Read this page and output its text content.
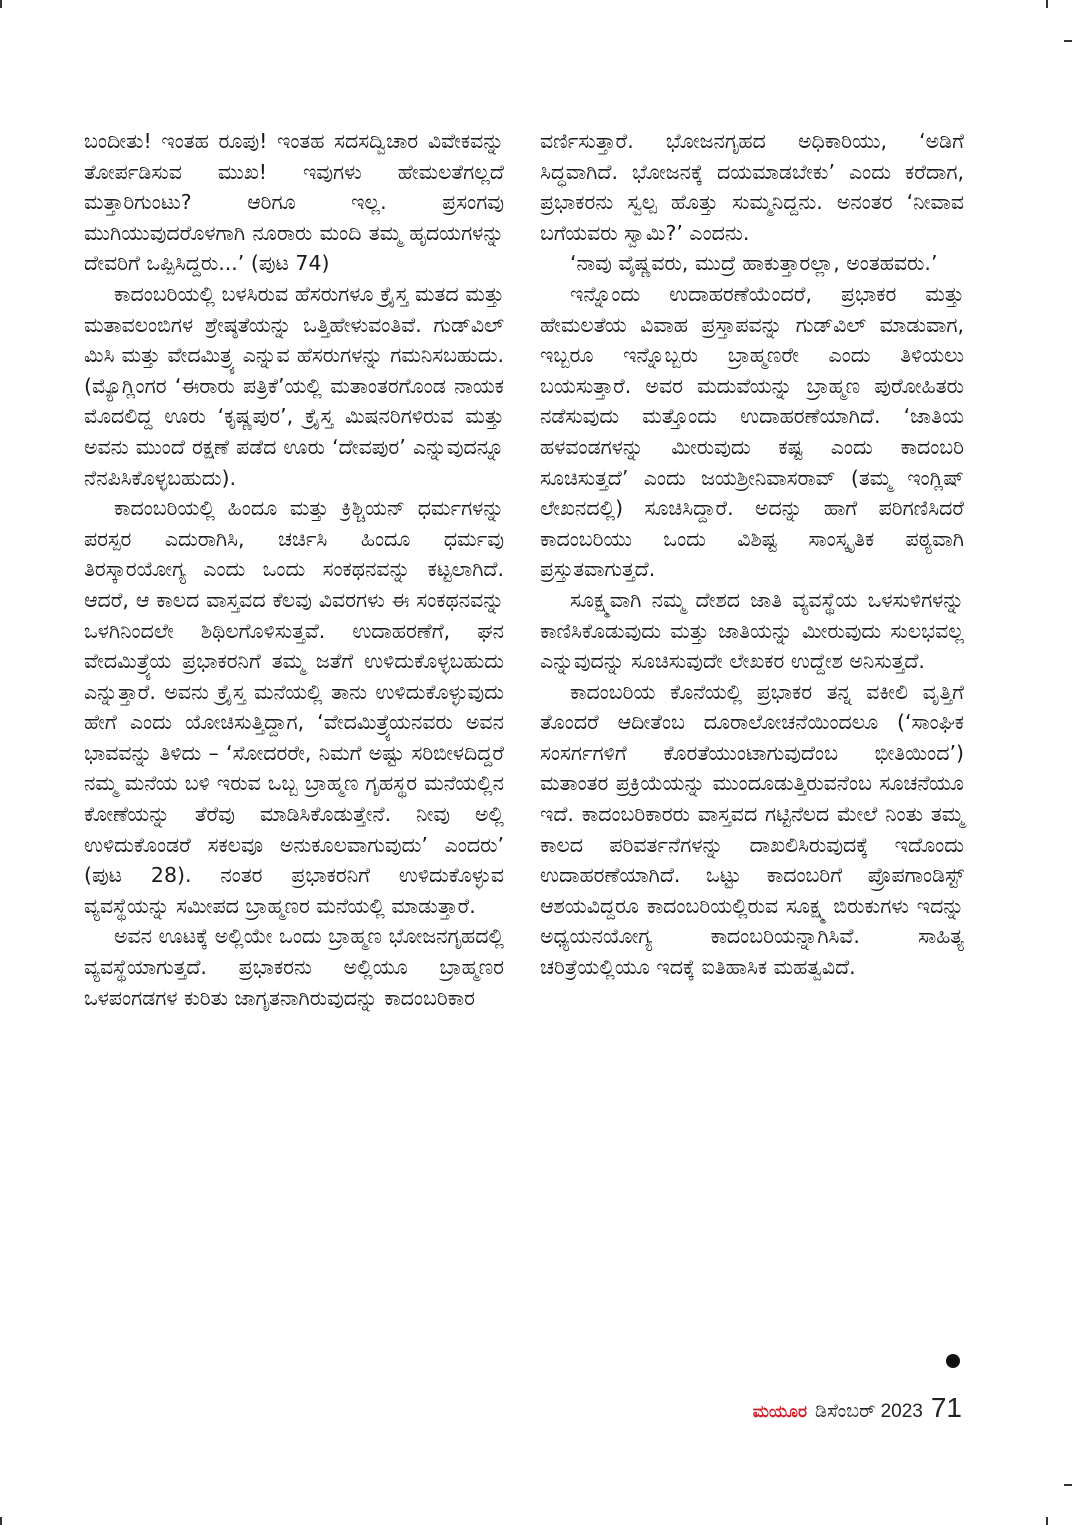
ಬಂದೀತು! ಇಂತಹ ರೂಪು! ಇಂತಹ ಸದಸದ್ವಿಚಾರ ವಿವೇಕವನ್ನು ತೋರ್ಪಡಿಸುವ ಮುಖ! ಇವುಗಳು ಹೇಮಲತೆಗಲ್ಲದೆ ಮತ್ತಾರಿಗುಂಟು? ಆರಿಗೂ ಇಲ್ಲ. ಪ್ರಸಂಗವು ಮುಗಿಯುವುದರೊಳಗಾಗಿ ನೂರಾರು ಮಂದಿ ತಮ್ಮ ಹೃದಯಗಳನ್ನು ದೇವರಿಗೆ ಒಪ್ಪಿಸಿದ್ದರು...’ (ಪುಟ 74)

ಕಾದಂಬರಿಯಲ್ಲಿ ಬಳಸಿರುವ ಹೆಸರುಗಳೂ ಕ್ರೈಸ್ತ ಮತದ ಮತ್ತು ಮತಾವಲಂಬಿಗಳ ಶ್ರೇಷ್ಠತೆಯನ್ನು ಒತ್ತಿಹೇಳುವಂತಿವೆ. ಗುಡ್‌ವಿಲ್ ಮಿಸಿ ಮತ್ತು ವೇದಮಿತ್ರ್ಯ ಎನ್ನುವ ಹೆಸರುಗಳನ್ನು ಗಮನಿಸಬಹುದು. (ಮ್ಯೊಗ್ಲಿಂಗರ ‘ಈರಾರು ಪತ್ರಿಕೆ’ಯಲ್ಲಿ ಮತಾಂತರಗೊಂಡ ನಾಯಕ ಮೊದಲಿದ್ದ ಊರು ‘ಕೃಷ್ಣಪುರ’, ಕ್ರೈಸ್ತ ಮಿಷನರಿಗಳಿರುವ ಮತ್ತು ಅವನು ಮುಂದೆ ರಕ್ಷಣೆ ಪಡೆದ ಊರು ‘ದೇವಪುರ’ ಎನ್ನುವುದನ್ನೂ ನೆನಪಿಸಿಕೊಳ್ಳಬಹುದು).

ಕಾದಂಬರಿಯಲ್ಲಿ ಹಿಂದೂ ಮತ್ತು ಕ್ರಿಶ್ಚಿಯನ್ ಧರ್ಮಗಳನ್ನು ಪರಸ್ಪರ ಎದುರಾಗಿಸಿ, ಚರ್ಚಿಸಿ ಹಿಂದೂ ಧರ್ಮವು ತಿರಸ್ಕಾರಯೋಗ್ಯ ಎಂದು ಒಂದು ಸಂಕಥನವನ್ನು ಕಟ್ಟಲಾಗಿದೆ. ಆದರೆ, ಆ ಕಾಲದ ವಾಸ್ತವದ ಕೆಲವು ವಿವರಗಳು ಈ ಸಂಕಥನವನ್ನು ಒಳಗಿನಿಂದಲೇ ಶಿಥಿಲಗೊಳಿಸುತ್ತವೆ. ಉದಾಹರಣೆಗೆ, ಘನ ವೇದಮಿತ್ರ್ಯೆಯ ಪ್ರಭಾಕರನಿಗೆ ತಮ್ಮ ಜತೆಗೆ ಉಳಿದುಕೊಳ್ಳಬಹುದು ಎನ್ನುತ್ತಾರೆ. ಅವನು ಕ್ರೈಸ್ತ ಮನೆಯಲ್ಲಿ ತಾನು ಉಳಿದುಕೊಳ್ಳುವುದು ಹೇಗೆ ಎಂದು ಯೋಚಿಸುತ್ತಿದ್ದಾಗ, ‘ವೇದಮಿತ್ರ್ಯೆಯನವರು ಅವನ ಭಾವವನ್ನು ತಿಳಿದು – ‘ಸೋದರರೇ, ನಿಮಗೆ ಅಷ್ಟು ಸರಿಬೀಳದಿದ್ದರೆ ನಮ್ಮ ಮನೆಯ ಬಳಿ ಇರುವ ಒಬ್ಬ ಬ್ರಾಹ್ಮಣ ಗೃಹಸ್ಥರ ಮನೆಯಲ್ಲಿನ ಕೋಣೆಯನ್ನು ತೆರೆವು ಮಾಡಿಸಿಕೊಡುತ್ತೇನೆ. ನೀವು ಅಲ್ಲಿ ಉಳಿದುಕೊಂಡರೆ ಸಕಲವೂ ಅನುಕೂಲವಾಗುವುದು’ ಎಂದರು’ (ಪುಟ 28). ನಂತರ ಪ್ರಭಾಕರನಿಗೆ ಉಳಿದುಕೊಳ್ಳುವ ವ್ಯವಸ್ಥೆಯನ್ನು ಸಮೀಪದ ಬ್ರಾಹ್ಮಣರ ಮನೆಯಲ್ಲಿ ಮಾಡುತ್ತಾರೆ.

ಅವನ ಊಟಕ್ಕೆ ಅಲ್ಲಿಯೇ ಒಂದು ಬ್ರಾಹ್ಮಣ ಭೋಜನಗೃಹದಲ್ಲಿ ವ್ಯವಸ್ಥೆಯಾಗುತ್ತದೆ. ಪ್ರಭಾಕರನು ಅಲ್ಲಿಯೂ ಬ್ರಾಹ್ಮಣರ ಒಳಪಂಗಡಗಳ ಕುರಿತು ಜಾಗೃತನಾಗಿರುವುದನ್ನು ಕಾದಂಬರಿಕಾರ

ವರ್ಣಿಸುತ್ತಾರೆ. ಭೋಜನಗೃಹದ ಅಧಿಕಾರಿಯು, ‘ಅಡಿಗೆ ಸಿದ್ಧವಾಗಿದೆ. ಭೋಜನಕ್ಕೆ ದಯಮಾಡಬೇಕು’ ಎಂದು ಕರೆದಾಗ, ಪ್ರಭಾಕರನು ಸ್ವಲ್ಪ ಹೊತ್ತು ಸುಮ್ಮನಿದ್ದನು. ಅನಂತರ ‘ನೀವಾವ ಬಗೆಯವರು ಸ್ವಾಮಿ?’ ಎಂದನು.

‘ನಾವು ವೈಷ್ಣವರು, ಮುದ್ರೆ ಹಾಕುತ್ತಾರಲ್ಲಾ, ಅಂತಹವರು.’

ಇನ್ನೊಂದು ಉದಾಹರಣೆಯೆಂದರೆ, ಪ್ರಭಾಕರ ಮತ್ತು ಹೇಮಲತೆಯ ವಿವಾಹ ಪ್ರಸ್ತಾಪವನ್ನು ಗುಡ್‌ವಿಲ್ ಮಾಡುವಾಗ, ಇಬ್ಬರೂ ಇನ್ನೊಬ್ಬರು ಬ್ರಾಹ್ಮಣರೇ ಎಂದು ತಿಳಿಯಲು ಬಯಸುತ್ತಾರೆ. ಅವರ ಮದುವೆಯನ್ನು ಬ್ರಾಹ್ಮಣ ಪುರೋಹಿತರು ನಡೆಸುವುದು ಮತ್ತೊಂದು ಉದಾಹರಣೆಯಾಗಿದೆ. ‘ಜಾತಿಯ ಹಳವಂಡಗಳನ್ನು ಮೀರುವುದು ಕಷ್ಟ ಎಂದು ಕಾದಂಬರಿ ಸೂಚಿಸುತ್ತದೆ’ ಎಂದು ಜಯಶ್ರೀನಿವಾಸರಾವ್ (ತಮ್ಮ ಇಂಗ್ಲಿಷ್ ಲೇಖನದಲ್ಲಿ) ಸೂಚಿಸಿದ್ದಾರೆ. ಅದನ್ನು ಹಾಗೆ ಪರಿಗಣಿಸಿದರೆ ಕಾದಂಬರಿಯು ಒಂದು ವಿಶಿಷ್ಟ ಸಾಂಸ್ಕೃತಿಕ ಪಠ್ಯವಾಗಿ ಪ್ರಸ್ತುತವಾಗುತ್ತದೆ.

ಸೂಕ್ಷ್ಮವಾಗಿ ನಮ್ಮ ದೇಶದ ಜಾತಿ ವ್ಯವಸ್ಥೆಯ ಒಳಸುಳಿಗಳನ್ನು ಕಾಣಿಸಿಕೊಡುವುದು ಮತ್ತು ಜಾತಿಯನ್ನು ಮೀರುವುದು ಸುಲಭವಲ್ಲ ಎನ್ನುವುದನ್ನು ಸೂಚಿಸುವುದೇ ಲೇಖಕರ ಉದ್ದೇಶ ಅನಿಸುತ್ತದೆ.

ಕಾದಂಬರಿಯ ಕೊನೆಯಲ್ಲಿ ಪ್ರಭಾಕರ ತನ್ನ ವಕೀಲಿ ವೃತ್ತಿಗೆ ತೊಂದರೆ ಆದೀತೆಂಬ ದೂರಾಲೋಚನೆಯಿಂದಲೂ (‘ಸಾಂಘಿಕ ಸಂಸರ್ಗಗಳಿಗೆ ಕೊರತೆಯುಂಟಾಗುವುದೆಂಬ ಭೀತಿಯಿಂದ’) ಮತಾಂತರ ಪ್ರಕ್ರಿಯೆಯನ್ನು ಮುಂದೂಡುತ್ತಿರುವನೆಂಬ ಸೂಚನೆಯೂ ಇದೆ. ಕಾದಂಬರಿಕಾರರು ವಾಸ್ತವದ ಗಟ್ಟಿನೆಲದ ಮೇಲೆ ನಿಂತು ತಮ್ಮ ಕಾಲದ ಪರಿವರ್ತನೆಗಳನ್ನು ದಾಖಲಿಸಿರುವುದಕ್ಕೆ ಇದೊಂದು ಉದಾಹರಣೆಯಾಗಿದೆ. ಒಟ್ಟು ಕಾದಂಬರಿಗೆ ಪ್ರೊಪಗಾಂಡಿಸ್ಟ್ ಆಶಯವಿದ್ದರೂ ಕಾದಂಬರಿಯಲ್ಲಿರುವ ಸೂಕ್ಷ್ಮ ಬಿರುಕುಗಳು ಇದನ್ನು ಅಧ್ಯಯನಯೋಗ್ಯ ಕಾದಂಬರಿಯನ್ನಾಗಿಸಿವೆ. ಸಾಹಿತ್ಯ ಚರಿತ್ರೆಯಲ್ಲಿಯೂ ಇದಕ್ಕೆ ಐತಿಹಾಸಿಕ ಮಹತ್ವವಿದೆ.

ಮಯೂರ ಡಿಸೆಂಬರ್ 2023 71
